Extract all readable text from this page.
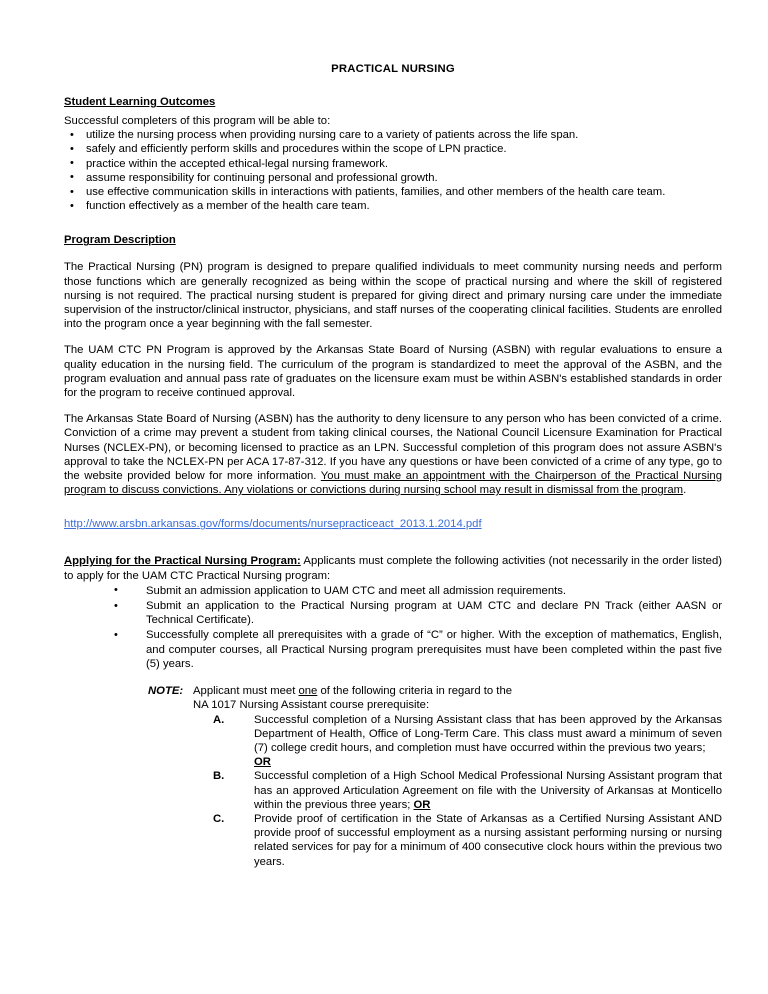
PRACTICAL NURSING
Student Learning Outcomes

Successful completers of this program will be able to:

• utilize the nursing process when providing nursing care to a variety of patients across the life span.
• safely and efficiently perform skills and procedures within the scope of LPN practice.
• practice within the accepted ethical-legal nursing framework.
• assume responsibility for continuing personal and professional growth.
• use effective communication skills in interactions with patients, families, and other members of the health care team.
• function effectively as a member of the health care team.
Program Description

The Practical Nursing (PN) program is designed to prepare qualified individuals to meet community nursing needs and perform those functions which are generally recognized as being within the scope of practical nursing and where the skill of registered nursing is not required. The practical nursing student is prepared for giving direct and primary nursing care under the immediate supervision of the instructor/clinical instructor, physicians, and staff nurses of the cooperating clinical facilities. Students are enrolled into the program once a year beginning with the fall semester.

The UAM CTC PN Program is approved by the Arkansas State Board of Nursing (ASBN) with regular evaluations to ensure a quality education in the nursing field. The curriculum of the program is standardized to meet the approval of the ASBN, and the program evaluation and annual pass rate of graduates on the licensure exam must be within ASBN's established standards in order for the program to receive continued approval.

The Arkansas State Board of Nursing (ASBN) has the authority to deny licensure to any person who has been convicted of a crime. Conviction of a crime may prevent a student from taking clinical courses, the National Council Licensure Examination for Practical Nurses (NCLEX-PN), or becoming licensed to practice as an LPN. Successful completion of this program does not assure ASBN's approval to take the NCLEX-PN per ACA 17-87-312. If you have any questions or have been convicted of a crime of any type, go to the website provided below for more information. You must make an appointment with the Chairperson of the Practical Nursing program to discuss convictions. Any violations or convictions during nursing school may result in dismissal from the program.

http://www.arsbn.arkansas.gov/forms/documents/nursepracticeact_2013.1.2014.pdf

Applying for the Practical Nursing Program: Applicants must complete the following activities (not necessarily in the order listed) to apply for the UAM CTC Practical Nursing program:

• Submit an admission application to UAM CTC and meet all admission requirements.
• Submit an application to the Practical Nursing program at UAM CTC and declare PN Track (either AASN or Technical Certificate).
• Successfully complete all prerequisites with a grade of “C” or higher. With the exception of mathematics, English, and computer courses, all Practical Nursing program prerequisites must have been completed within the past five (5) years.
NOTE: Applicant must meet one of the following criteria in regard to the
NA 1017 Nursing Assistant course prerequisite:
A.	Successful completion of a Nursing Assistant class that has been approved by the Arkansas Department of Health, Office of Long-Term Care. This class must award a minimum of seven (7) college credit hours, and completion must have occurred within the previous two years;
OR
B.	Successful completion of a High School Medical Professional Nursing Assistant program that has an approved Articulation Agreement on file with the University of Arkansas at Monticello within the previous three years; OR
C.	Provide proof of certification in the State of Arkansas as a Certified Nursing Assistant AND provide proof of successful employment as a nursing assistant performing nursing or nursing related services for pay for a minimum of 400 consecutive clock hours within the previous two years.
